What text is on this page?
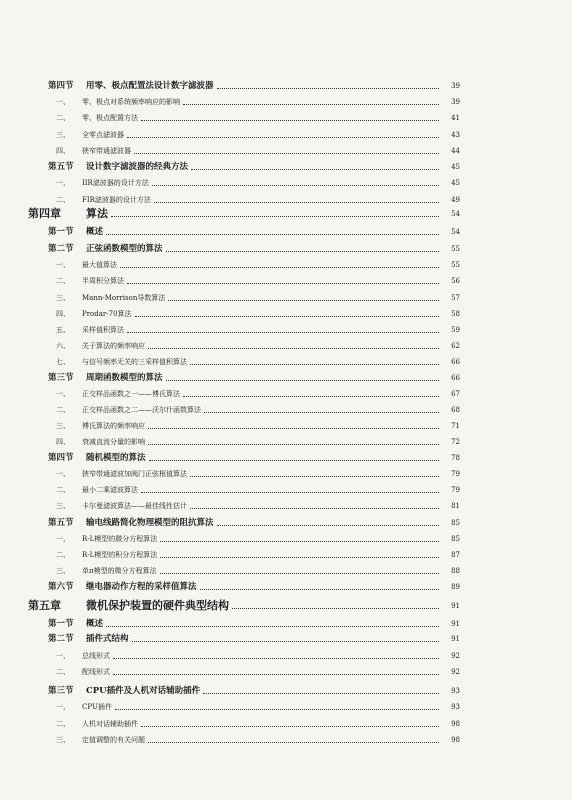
第四节 用零、极点配置法设计数字滤波器	39
一、 零、极点对系统频率响应的影响	39
二、 零、极点配置方法	41
三、 全零点滤波器	43
四、 狭窄带通滤波器	44
第五节 设计数字滤波器的经典方法	45
一、 IIR滤波器的设计方法	45
二、 FIR滤波器的设计方法	49
第四章 算法	54
第一节 概述	54
第二节 正弦函数模型的算法	55
一、 最大值算法	55
二、 半周积分算法	56
三、 Mann-Morrison导数算法	57
四、 Prodar-70算法	58
五、 采样值积算法	59
六、 关于算法的频率响应	62
七、 与信号频率无关的三采样值积算法	66
第三节 周期函数模型的算法	66
一、 正交样品函数之一——傅氏算法	67
二、 正交样品函数之二——沃尔什函数算法	68
三、 傅氏算法的频率响应	71
四、 衰减直流分量的影响	72
第四节 随机模型的算法	78
一、 狭窄带通滤波加阀门正弦根值算法	79
二、 最小二乘滤波算法	79
三、 卡尔曼滤波算法——最佳线性估计	81
第五节 输电线路简化物理模型的阻抗算法	85
一、 R-L模型的微分方程算法	85
二、 R-L模型的积分方程算法	87
三、 单π模型的微分方程算法	88
第六节 继电器动作方程的采样值算法	89
第五章 微机保护装置的硬件典型结构	91
第一节 概述	91
第二节 插件式结构	91
一、 总线形式	92
二、 配线形式	92
第三节 CPU插件及人机对话辅助插件	93
一、 CPU插件	93
二、 人机对话辅助插件	98
三、 定值调整的有关问题	98
